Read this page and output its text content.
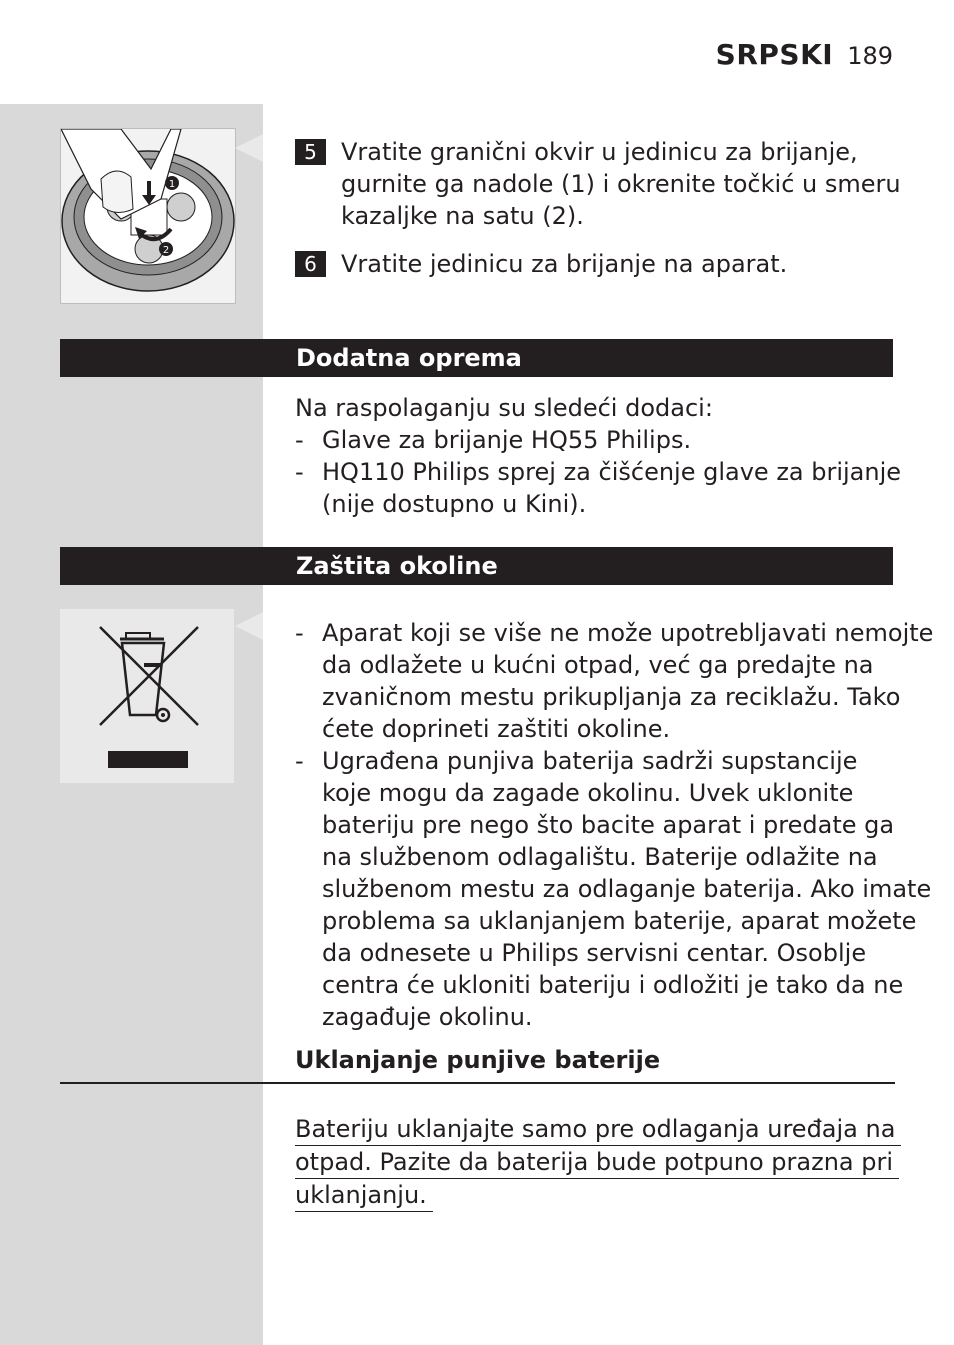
SRPSKI 189
1
2
5	Vratite granični okvir u jedinicu za brijanje,
gurnite ga nadole (1) i okrenite točkić u smeru
kazaljke na satu (2).
6	Vratite jedinicu za brijanje na aparat.
Dodatna oprema
Na raspolaganju su sledeći dodaci:
- Glave za brijanje HQ55 Philips.
- HQ110 Philips sprej za čišćenje glave za brijanje
(nije dostupno u Kini).
Zaštita okoline
- Aparat koji se više ne može upotrebljavati nemojte
da odlažete u kućni otpad, već ga predajte na
zvaničnom mestu prikupljanja za reciklažu. Tako
ćete doprineti zaštiti okoline.
- Ugrađena punjiva baterija sadrži supstancije
koje mogu da zagade okolinu. Uvek uklonite
bateriju pre nego što bacite aparat i predate ga
na službenom odlagalištu. Baterije odlažite na
službenom mestu za odlaganje baterija. Ako imate
problema sa uklanjanjem baterije, aparat možete
da odnesete u Philips servisni centar. Osoblje
centra će ukloniti bateriju i odložiti je tako da ne
zagađuje okolinu.
Uklanjanje punjive baterije
Bateriju uklanjajte samo pre odlaganja uređaja na
otpad. Pazite da baterija bude potpuno prazna pri
uklanjanju.
